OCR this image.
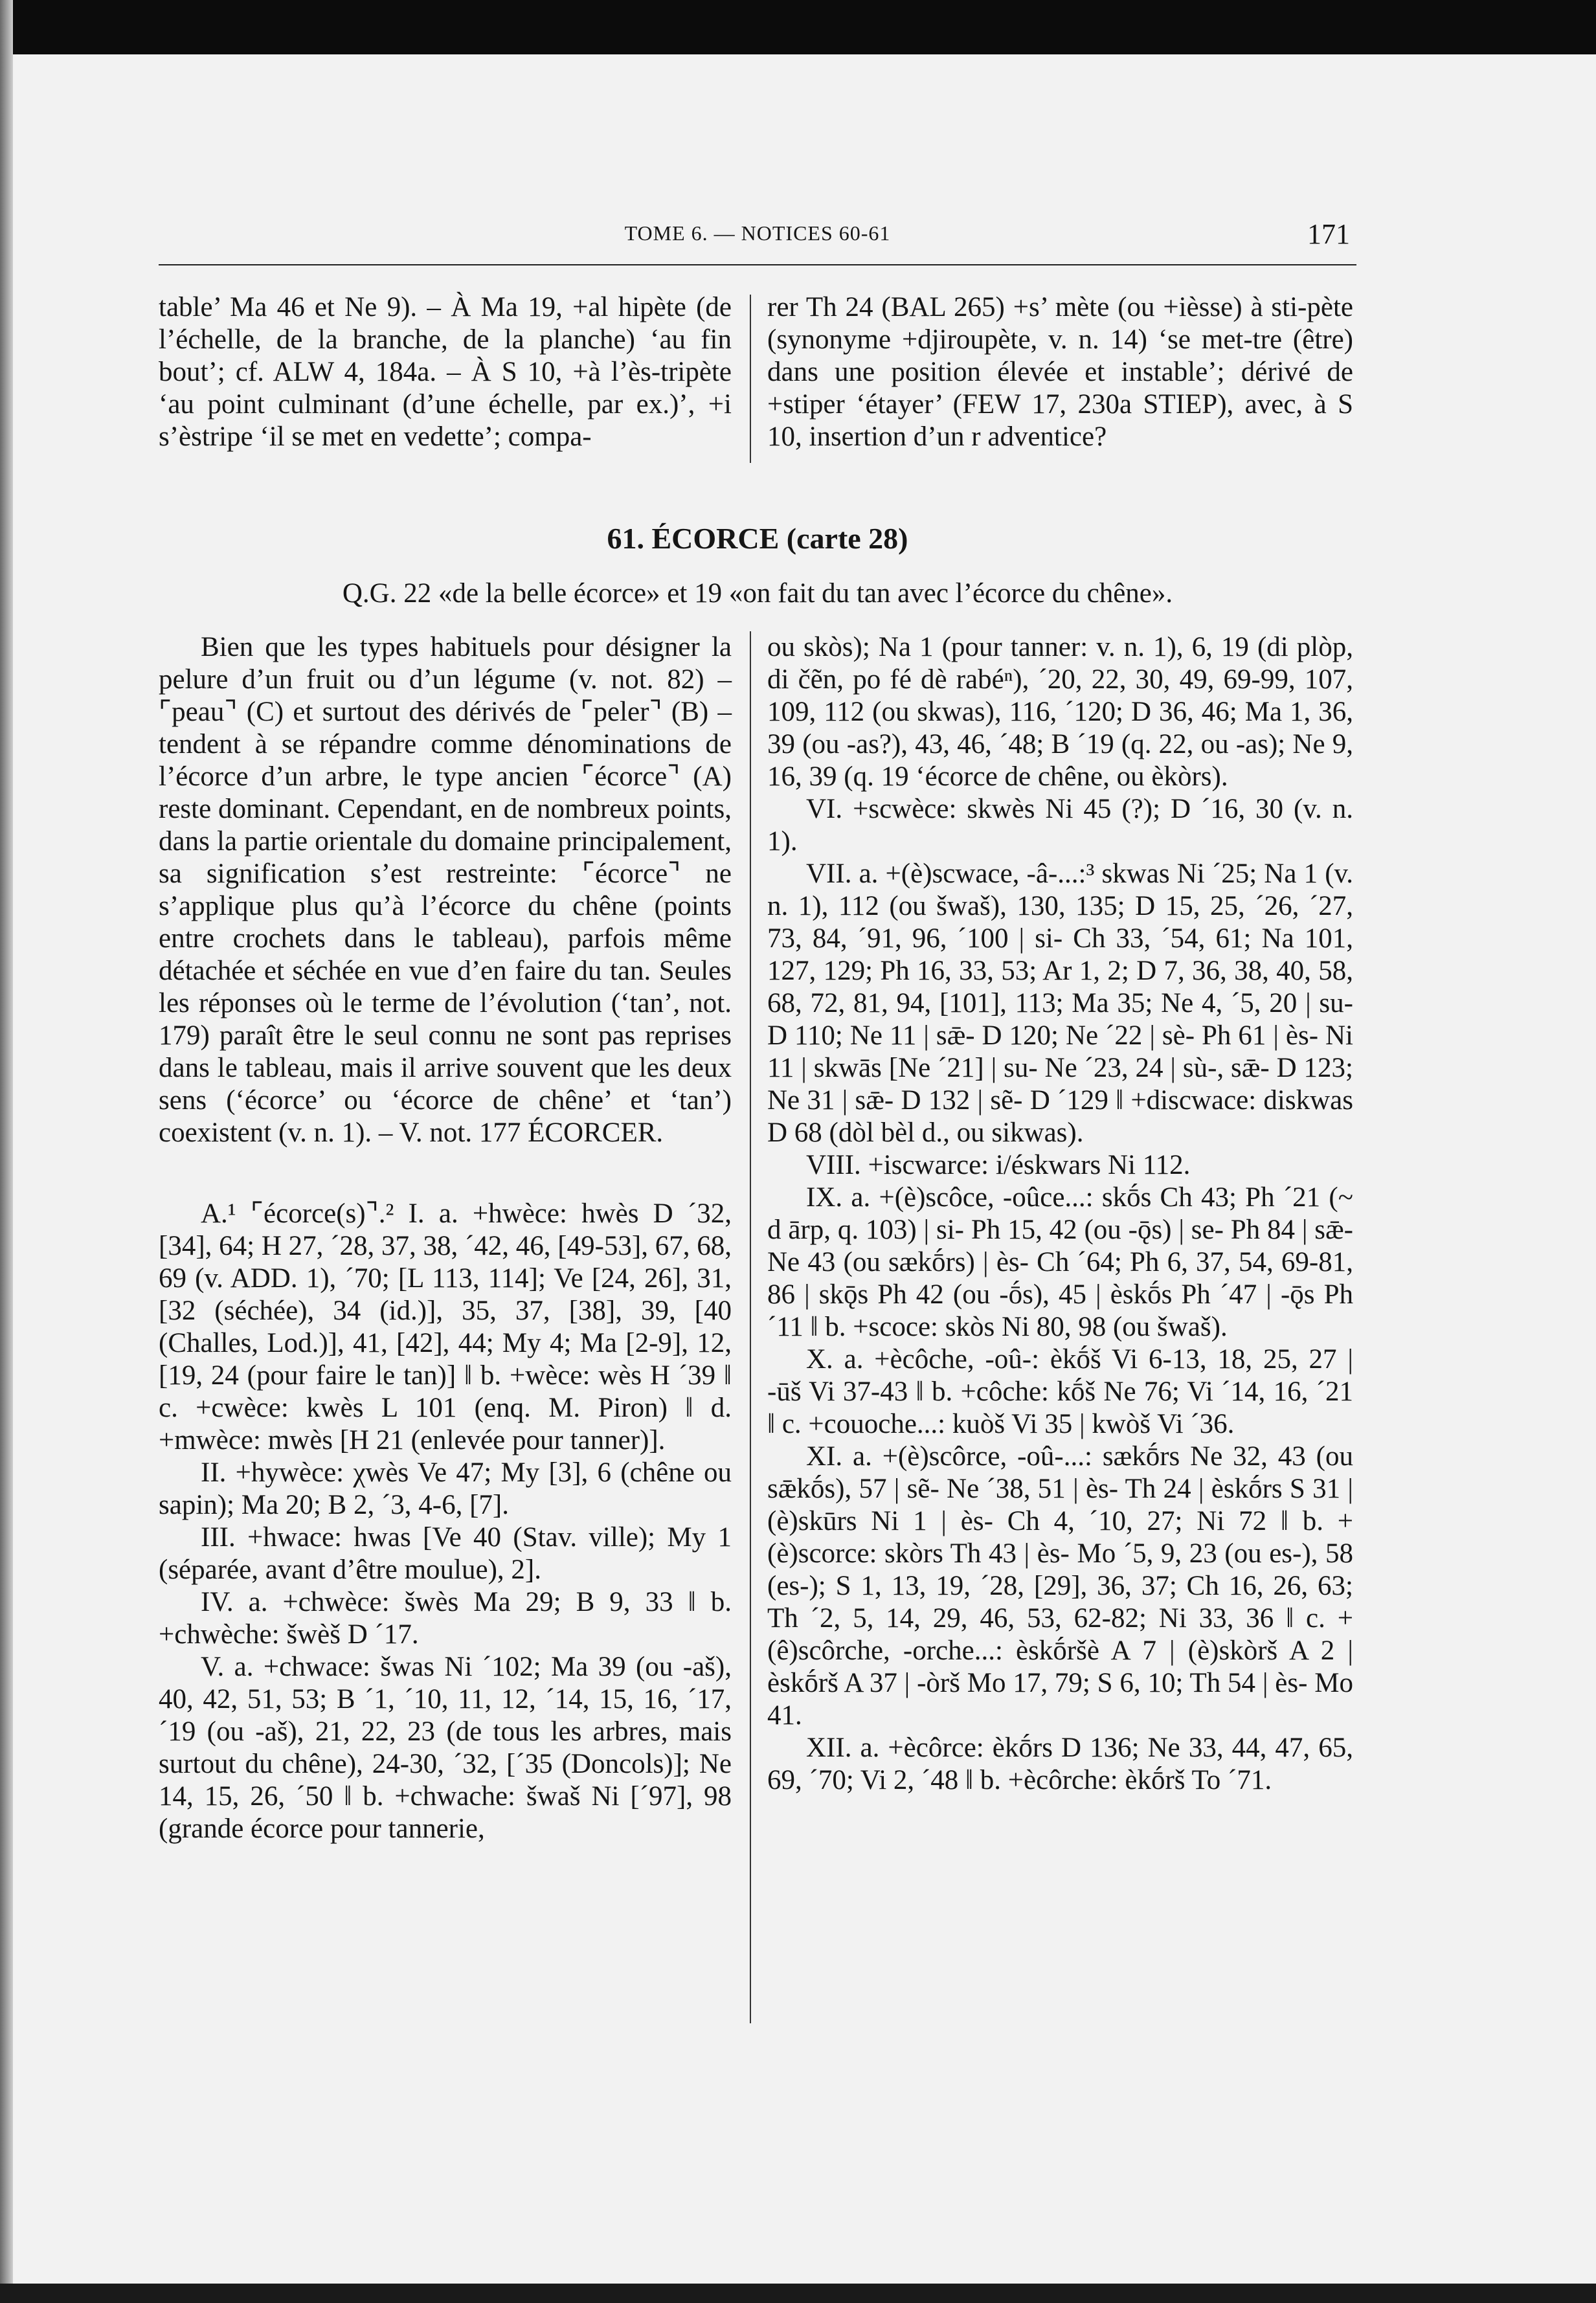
TOME 6. — NOTICES 60-61	171

table’ Ma 46 et Ne 9). – À Ma 19, +al hipète (de l’échelle, de la branche, de la planche) ‘au fin bout’; cf. ALW 4, 184a. – À S 10, +à l’ès-tripète ‘au point culminant (d’une échelle, par ex.)’, +i s’èstripe ‘il se met en vedette’; compa-

rer Th 24 (BAL 265) +s’ mète (ou +ièsse) à sti-pète (synonyme +djiroupète, v. n. 14) ‘se met-tre (être) dans une position élevée et instable’; dérivé de +stiper ‘étayer’ (FEW 17, 230a STIEP), avec, à S 10, insertion d’un r adventice?

61. ÉCORCE (carte 28)
Q.G. 22 «de la belle écorce» et 19 «on fait du tan avec l’écorce du chêne».

Bien que les types habituels pour désigner la pelure d’un fruit ou d’un légume (v. not. 82) – ⌜peau⌝ (C) et surtout des dérivés de ⌜peler⌝ (B) – tendent à se répandre comme dénominations de l’écorce d’un arbre, le type ancien ⌜écorce⌝ (A) reste dominant. Cependant, en de nombreux points, dans la partie orientale du domaine principalement, sa signification s’est restreinte: ⌜écorce⌝ ne s’applique plus qu’à l’écorce du chêne (points entre crochets dans le tableau), parfois même détachée et séchée en vue d’en faire du tan. Seules les réponses où le terme de l’évolution (‘tan’, not. 179) paraît être le seul connu ne sont pas reprises dans le tableau, mais il arrive souvent que les deux sens (‘écorce’ ou ‘écorce de chêne’ et ‘tan’) coexistent (v. n. 1). – V. not. 177 ÉCORCER.

A.¹ ⌜écorce(s)⌝.² I. a. +hwèce: hwès D ´32, [34], 64; H 27, ´28, 37, 38, ´42, 46, [49-53], 67, 68, 69 (v. ADD. 1), ´70; [L 113, 114]; Ve [24, 26], 31, [32 (séchée), 34 (id.)], 35, 37, [38], 39, [40 (Challes, Lod.)], 41, [42], 44; My 4; Ma [2-9], 12, [19, 24 (pour faire le tan)] ‖ b. +wèce: wès H ´39 ‖ c. +cwèce: kwès L 101 (enq. M. Piron) ‖ d. +mwèce: mwès [H 21 (enlevée pour tanner)].

II. +hywèce: χwès Ve 47; My [3], 6 (chêne ou sapin); Ma 20; B 2, ´3, 4-6, [7].

III. +hwace: hwas [Ve 40 (Stav. ville); My 1 (séparée, avant d’être moulue), 2].

IV. a. +chwèce: šwès Ma 29; B 9, 33 ‖ b. +chwèche: šwèš D ´17.

V. a. +chwace: šwas Ni ´102; Ma 39 (ou -aš), 40, 42, 51, 53; B ´1, ´10, 11, 12, ´14, 15, 16, ´17, ´19 (ou -aš), 21, 22, 23 (de tous les arbres, mais surtout du chêne), 24-30, ´32, [´35 (Doncols)]; Ne 14, 15, 26, ´50 ‖ b. +chwache: šwaš Ni [´97], 98 (grande écorce pour tannerie,

ou skòs); Na 1 (pour tanner: v. n. 1), 6, 19 (di plòp, di čẽn, po fé dè rabéⁿ), ´20, 22, 30, 49, 69-99, 107, 109, 112 (ou skwas), 116, ´120; D 36, 46; Ma 1, 36, 39 (ou -as?), 43, 46, ´48; B ´19 (q. 22, ou -as); Ne 9, 16, 39 (q. 19 ‘écorce de chêne, ou èkòrs).

VI. +scwèce: skwès Ni 45 (?); D ´16, 30 (v. n. 1).

VII. a. +(è)scwace, -â-...:³ skwas Ni ´25; Na 1 (v. n. 1), 112 (ou šwaš), 130, 135; D 15, 25, ´26, ´27, 73, 84, ´91, 96, ´100 | si- Ch 33, ´54, 61; Na 101, 127, 129; Ph 16, 33, 53; Ar 1, 2; D 7, 36, 38, 40, 58, 68, 72, 81, 94, [101], 113; Ma 35; Ne 4, ´5, 20 | su- D 110; Ne 11 | sǣ- D 120; Ne ´22 | sè- Ph 61 | ès- Ni 11 | skwās [Ne ´21] | su- Ne ´23, 24 | sù-, sǣ- D 123; Ne 31 | sǣ- D 132 | sẽ- D ´129 ‖ +discwace: diskwas D 68 (dòl bèl d., ou sikwas).

VIII. +iscwarce: i/éskwars Ni 112.

IX. a. +(è)scôce, -oûce...: skṓs Ch 43; Ph ´21 (~ d ārp, q. 103) | si- Ph 15, 42 (ou -ǭs) | se- Ph 84 | sǣ- Ne 43 (ou sækṓrs) | ès- Ch ´64; Ph 6, 37, 54, 69-81, 86 | skǭs Ph 42 (ou -ṓs), 45 | èskṓs Ph ´47 | -ǭs Ph ´11 ‖ b. +scoce: skòs Ni 80, 98 (ou šwaš).

X. a. +ècôche, -oû-: èkṓš Vi 6-13, 18, 25, 27 | -ūš Vi 37-43 ‖ b. +côche: kṓš Ne 76; Vi ´14, 16, ´21 ‖ c. +couoche...: kuòš Vi 35 | kwòš Vi ´36.

XI. a. +(è)scôrce, -oû-...: sækṓrs Ne 32, 43 (ou sǣkṓs), 57 | sẽ- Ne ´38, 51 | ès- Th 24 | èskṓrs S 31 | (è)skūrs Ni 1 | ès- Ch 4, ´10, 27; Ni 72 ‖ b. +(è)scorce: skòrs Th 43 | ès- Mo ´5, 9, 23 (ou es-), 58 (es-); S 1, 13, 19, ´28, [29], 36, 37; Ch 16, 26, 63; Th ´2, 5, 14, 29, 46, 53, 62-82; Ni 33, 36 ‖ c. +(ê)scôrche, -orche...: èskṓršè A 7 | (è)skòrš A 2 | èskṓrš A 37 | -òrš Mo 17, 79; S 6, 10; Th 54 | ès- Mo 41.

XII. a. +ècôrce: èkṓrs D 136; Ne 33, 44, 47, 65, 69, ´70; Vi 2, ´48 ‖ b. +ècôrche: èkṓrš To ´71.
